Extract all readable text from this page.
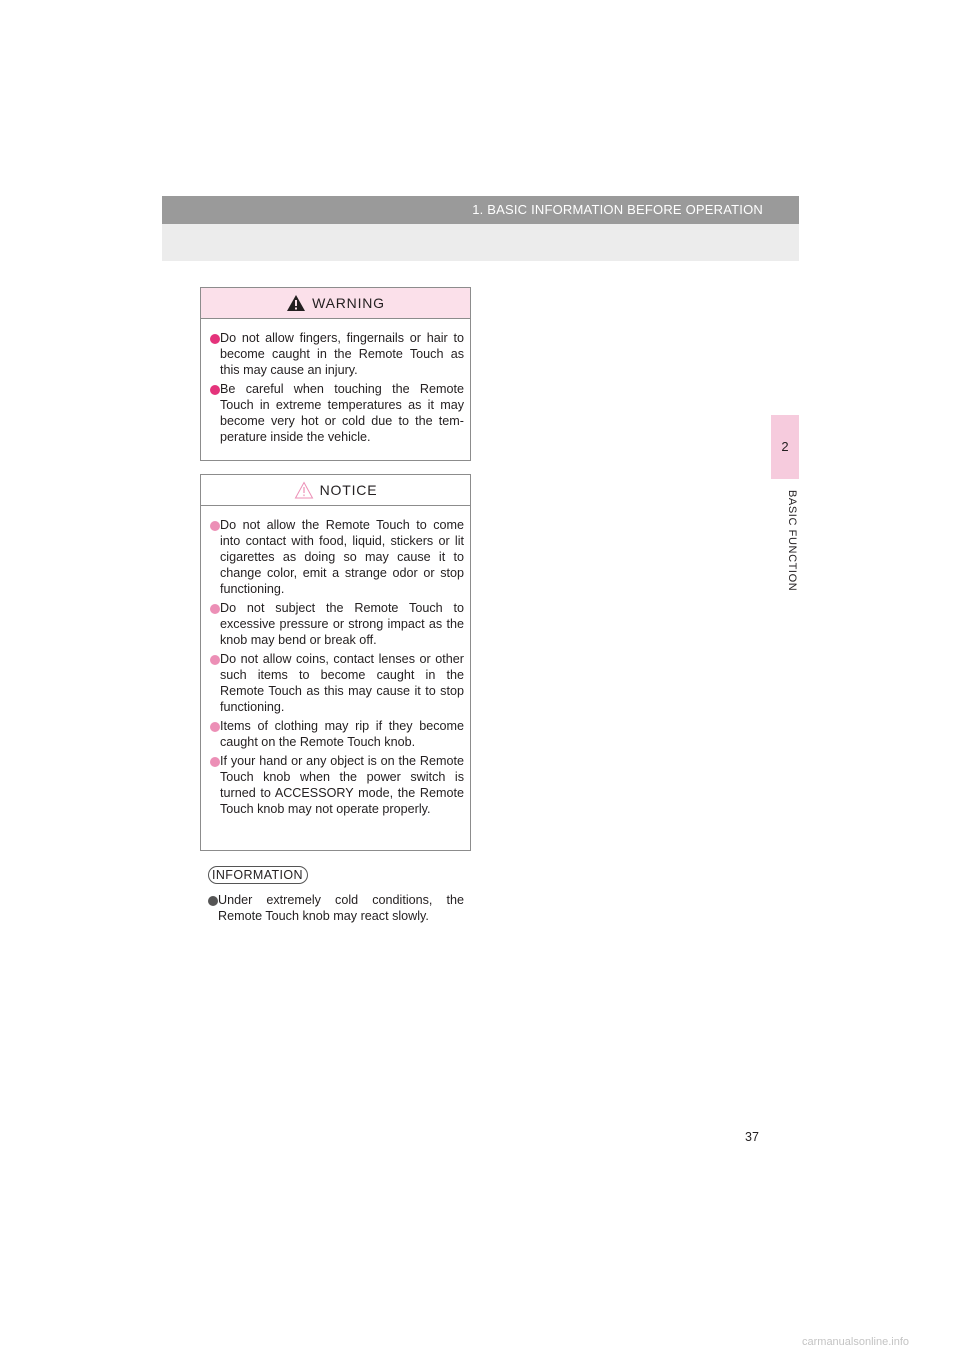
1. BASIC INFORMATION BEFORE OPERATION
2
BASIC FUNCTION
WARNING
Do not allow fingers, fingernails or hair to become caught in the Remote Touch as this may cause an injury.
Be careful when touching the Remote Touch in extreme temperatures as it may become very hot or cold due to the tem-perature inside the vehicle.
NOTICE
Do not allow the Remote Touch to come into contact with food, liquid, stickers or lit cigarettes as doing so may cause it to change color, emit a strange odor or stop functioning.
Do not subject the Remote Touch to excessive pressure or strong impact as the knob may bend or break off.
Do not allow coins, contact lenses or other such items to become caught in the Remote Touch as this may cause it to stop functioning.
Items of clothing may rip if they become caught on the Remote Touch knob.
If your hand or any object is on the Remote Touch knob when the power switch is turned to ACCESSORY mode, the Remote Touch knob may not operate properly.
INFORMATION
Under extremely cold conditions, the Remote Touch knob may react slowly.
37
carmanualsonline.info
